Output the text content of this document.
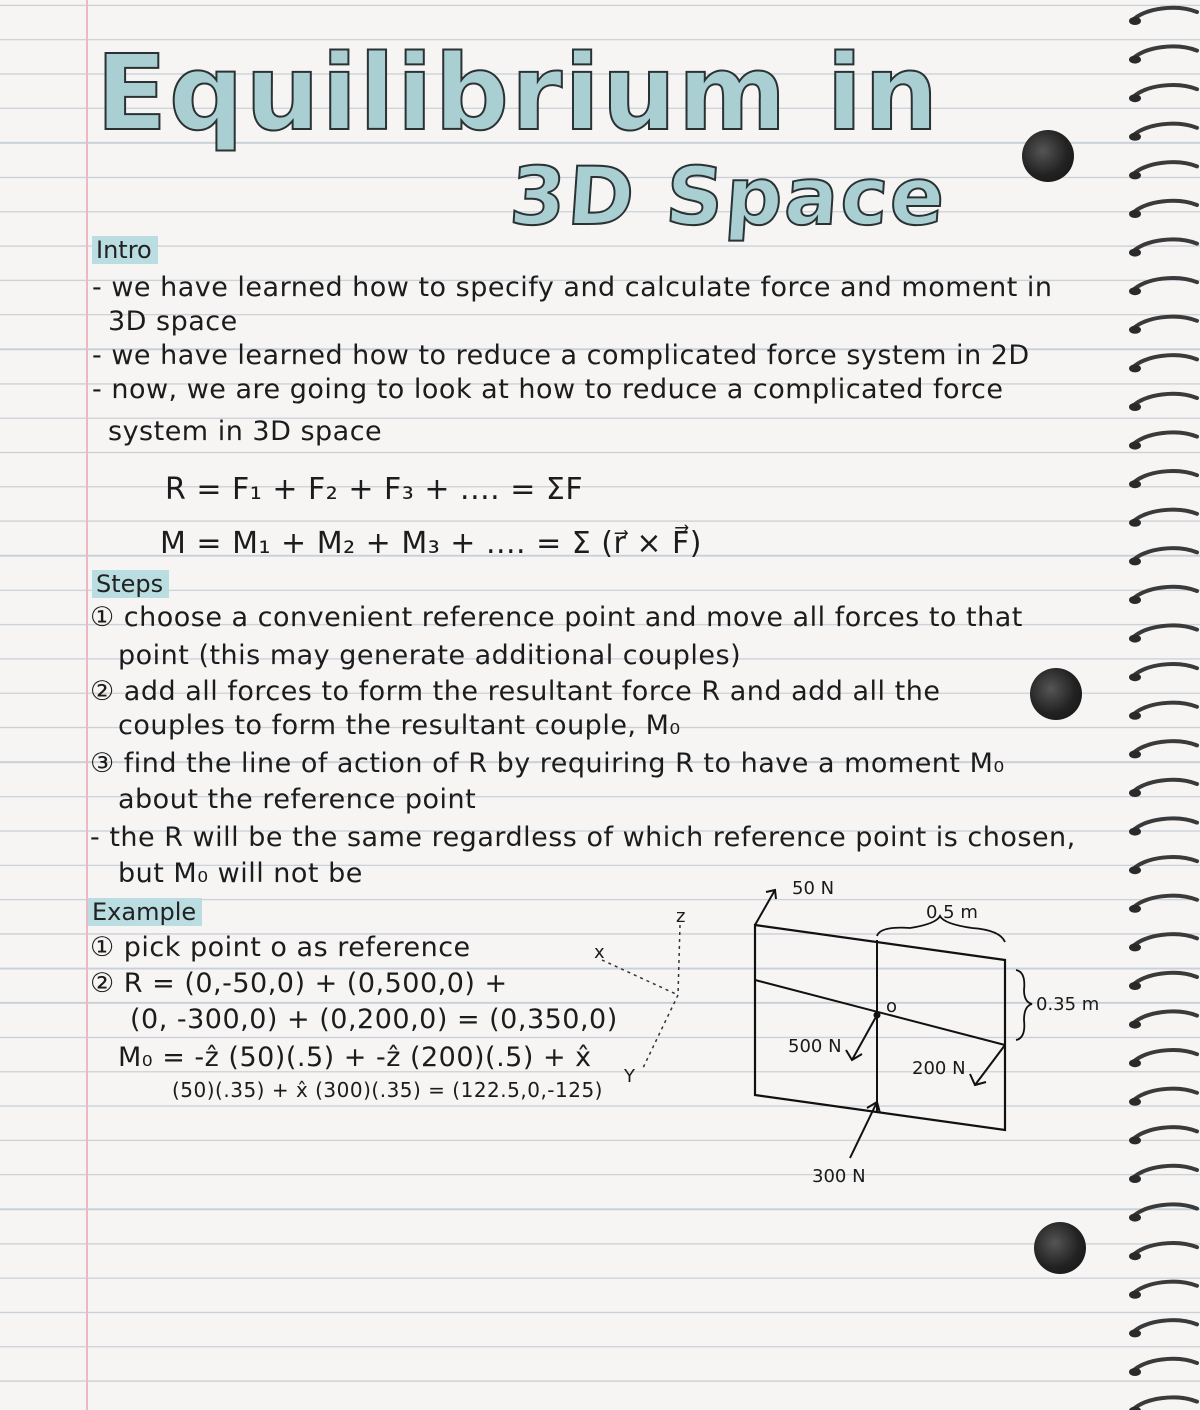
Equilibrium in
3D Space
Intro
- we have learned how to specify and calculate force and moment in
3D space
- we have learned how to reduce a complicated force system in 2D
- now, we are going to look at how to reduce a complicated force
system in 3D space
R = F₁ + F₂ + F₃ + .... = ΣF
M = M₁ + M₂ + M₃ + .... = Σ (r⃗ × F⃗)
Steps
① choose a convenient reference point and move all forces to that
point (this may generate additional couples)
② add all forces to form the resultant force R and add all the
couples to form the resultant couple, M₀
③ find the line of action of R by requiring R to have a moment M₀
about the reference point
- the R will be the same regardless of which reference point is chosen,
but M₀ will not be
Example
① pick point o as reference
② R = (0,-50,0) + (0,500,0) +
(0, -300,0) + (0,200,0) = (0,350,0)
M₀ = -ẑ (50)(.5) + -ẑ (200)(.5) + x̂
(50)(.35) + x̂ (300)(.35) = (122.5,0,-125)
x
z
Y
o
50 N
500 N
200 N
300 N
0.5 m
0.35 m
